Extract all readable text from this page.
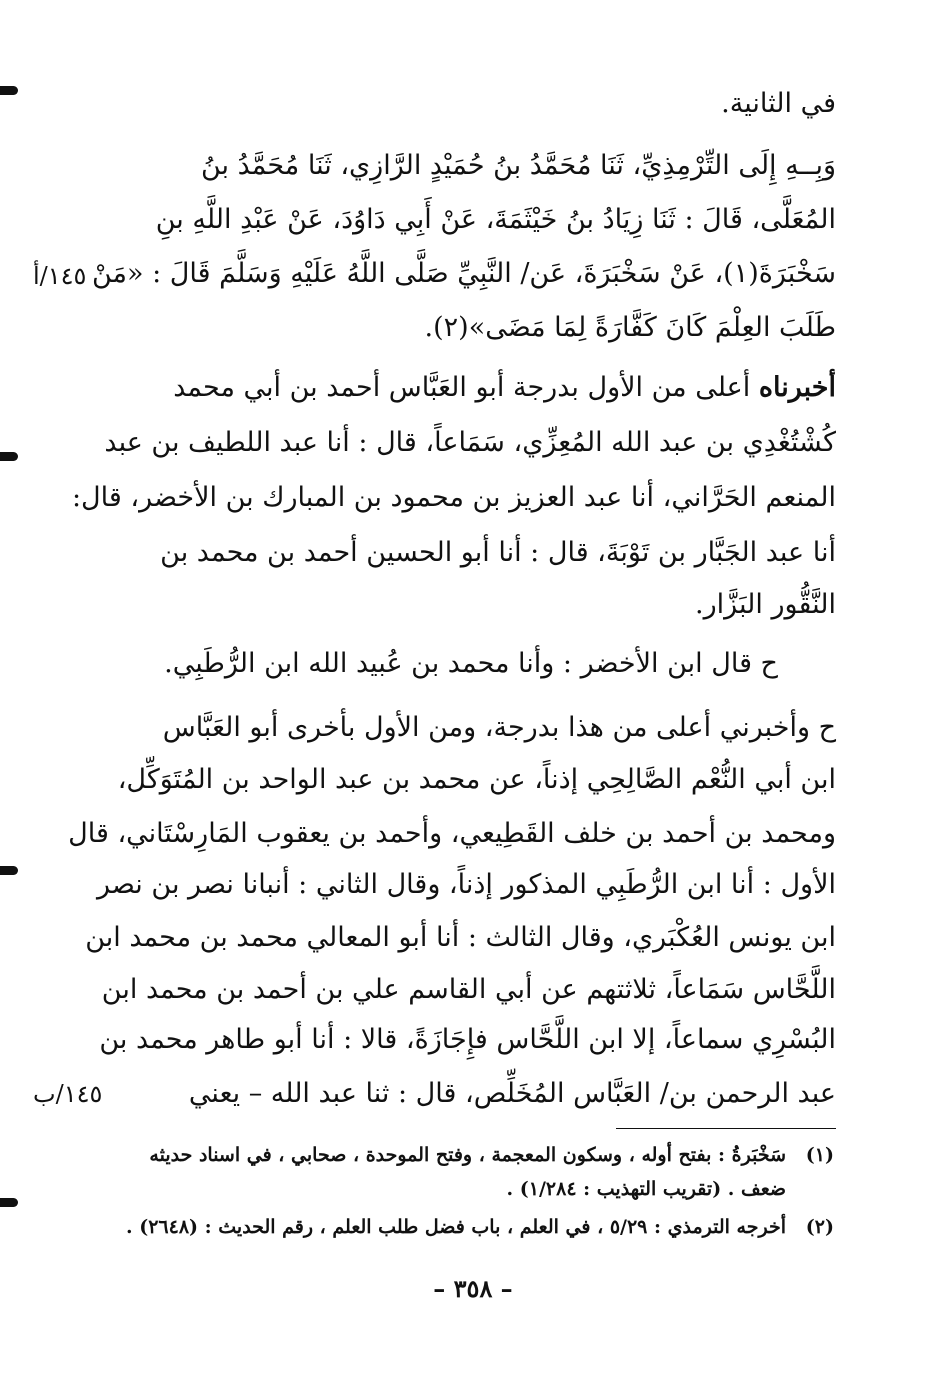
في الثانية.
وَبِــهِ إِلَى التِّرْمِذِيِّ، ثَنَا مُحَمَّدُ بنُ حُمَيْدٍ الرَّازِي، ثَنَا مُحَمَّدُ بنُ
المُعَلَّى، قَالَ : ثَنَا زِيَادُ بنُ خَيْثَمَةَ، عَنْ أَبِي دَاوُدَ، عَنْ عَبْدِ اللَّهِ بنِ
سَخْبَرَةَ(١)، عَنْ سَخْبَرَةَ، عَن/ النَّبِيِّ صَلَّى اللَّهُ عَلَيْهِ وَسَلَّمَ قَالَ : «مَنْ
١٤٥/أ
طَلَبَ العِلْمَ كَانَ كَفَّارَةً لِمَا مَضَى»(٢).
أخبرناه أعلى من الأول بدرجة أبو العَبَّاس أحمد بن أبي محمد
كُشْتُغْدِي بن عبد الله المُعِزِّي، سَمَاعاً، قال : أنا عبد اللطيف بن عبد
المنعم الحَرَّاني، أنا عبد العزيز بن محمود بن المبارك بن الأخضر، قال:
أنا عبد الجَبَّار بن تَوْبَةَ، قال : أنا أبو الحسين أحمد بن محمد بن
النَّقُّور البَزَّار.
ح قال ابن الأخضر : وأنا محمد بن عُبيد الله ابن الرُّطَبِي.
ح وأخبرني أعلى من هذا بدرجة، ومن الأول بأخرى أبو العَبَّاس
ابن أبي النُّعْم الصَّالِحِي إذناً، عن محمد بن عبد الواحد بن المُتَوَكِّل،
ومحمد بن أحمد بن خلف القَطِيعي، وأحمد بن يعقوب المَارِسْتَاني، قال
الأول : أنا ابن الرُّطَبِي المذكور إذناً، وقال الثاني : أنبانا نصر بن نصر
ابن يونس العُكْبَري، وقال الثالث : أنا أبو المعالي محمد بن محمد ابن
اللَّحَّاس سَمَاعاً، ثلاثتهم عن أبي القاسم علي بن أحمد بن محمد ابن
البُسْرِي سماعاً، إلا ابن اللَّحَّاس فإِجَازَةً، قالا : أنا أبو طاهر محمد بن
عبد الرحمن بن/ العَبَّاس المُخَلِّص، قال : ثنا عبد الله – يعني
١٤٥/ب
(١)
سَخْبَرةُ : بفتح أوله ، وسكون المعجمة ، وفتح الموحدة ، صحابي ، في اسناد حديثه
ضعف . (تقريب التهذيب : ١/٢٨٤) .
(٢)
أخرجه الترمذي : ٥/٢٩ ، في العلم ، باب فضل طلب العلم ، رقم الحديث : (٢٦٤٨) .
– ٣٥٨ –
